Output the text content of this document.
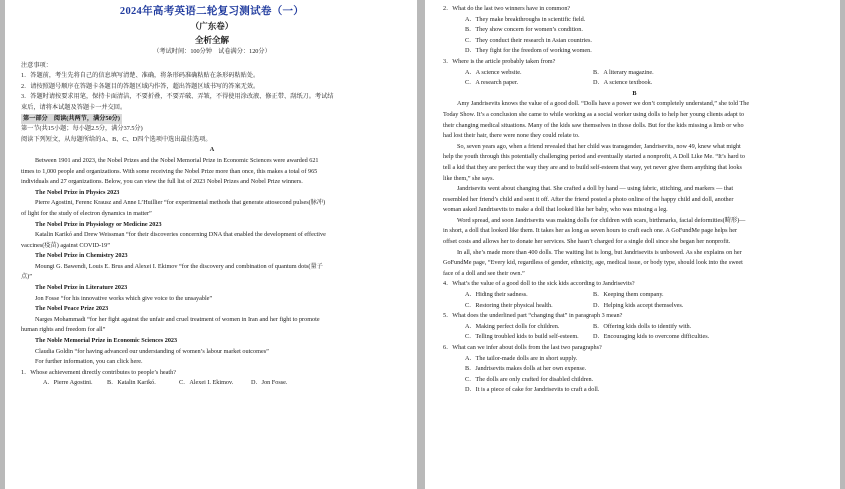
2024年高考英语二轮复习测试卷（一）
（广东卷）
全析全解
（考试时间：100分钟　试卷满分：120分）
注意事项：
1．答题前，考生先将自己的信息填写清楚、准确，将条形码准确粘贴在条形码粘贴处。
2．请按照题号顺序在答题卡各题目的答题区域内作答，超出答题区域书写的答案无效。
3．答题时请按要求用笔，保持卡面清洁，不要折叠，不要弄破、弄皱，不得使用涂改液、修正带、刮纸刀。考试结
束后，请将本试题及答题卡一并交回。
第一部分　阅读(共两节，满分50分)
第一节(共15小题；每小题2.5分，满分37.5分)
阅读下列短文，从每题所给的A、B、C、D四个选项中选出最佳选项。
A
Between 1901 and 2023, the Nobel Prizes and the Nobel Memorial Prize in Economic Sciences were awarded 621
times to 1,000 people and organizations. With some receiving the Nobel Prize more than once, this makes a total of 965
individuals and 27 organizations. Below, you can view the full list of 2023 Nobel Prizes and Nobel Prize winners.
The Nobel Prize in Physics 2023
Pierre Agostini, Ferenc Krausz and Anne L’Huillier “for experimental methods that generate attosecond pulses(脉冲)
of light for the study of electron dynamics in matter”
The Nobel Prize in Physiology or Medicine 2023
Katalin Karikó and Drew Weissman “for their discoveries concerning DNA that enabled the development of effective
vaccines(疫苗) against COVID-19”
The Nobel Prize in Chemistry 2023
Moungi G. Bawendi, Louis E. Brus and Alexei I. Ekimov “for the discovery and combination of quantum dots(量子
点)”
The Nobel Prize in Literature 2023
Jon Fosse “for his innovative works which give voice to the unsayable”
The Nobel Peace Prize 2023
Narges Mohammadi “for her fight against the unfair and cruel treatment of women in Iran and her fight to promote
human rights and freedom for all”
The Noble Memorial Prize in Economic Sciences 2023
Claudia Goldin “for having advanced our understanding of women’s labour market outcomes”
For further information, you can click here.
1．Whose achievement directly contributes to people’s heath?
A．Pierre Agostini.	B．Katalin Karikó.	C．Alexei I. Ekimov.	D．Jon Fosse.
2．What do the last two winners have in common?
A．They make breakthroughs in scientific field.
B．They show concern for women’s condition.
C．They conduct their research in Asian countries.
D．They fight for the freedom of working women.
3．Where is the article probably taken from?
A．A science website.	B．A literary magazine.
C．A research paper.	D．A science textbook.
B
Amy Jandrisevits knows the value of a good doll. “Dolls have a power we don’t completely understand,” she told The
Today Show. It’s a conclusion she came to while working as a social worker using dolls to help her young clients adapt to
their changing medical situations. Many of the kids saw themselves in those dolls. But for the kids missing a limb or who
had lost their hair, there were none they could relate to.
So, seven years ago, when a friend revealed that her child was transgender, Jandrisevits, now 49, knew what might
help the youth through this potentially challenging period and eventually started a nonprofit, A Doll Like Me. “It’s hard to
tell a kid that they are perfect the way they are and to build self-esteem that way, yet never give them anything that looks
like them,” she says.
Jandrisevits went about changing that. She crafted a doll by hand — using fabric, stitching, and markers — that
resembled her friend’s child and sent it off. After the friend posted a photo online of the happy child and doll, another
woman asked Jandrisevits to make a doll that looked like her baby, who was missing a leg.
Word spread, and soon Jandrisevits was making dolls for children with scars, birthmarks, facial deformities(畸形)—
in short, a doll that looked like them. It takes her as long as seven hours to craft each one. A GoFundMe page helps her
offset costs and allows her to donate her services. She hasn’t charged for a single doll since she began her nonprofit.
In all, she’s made more than 400 dolls. The waiting list is long, but Jandrisevits is unbowed. As she explains on her
GoFundMe page, “Every kid, regardless of gender, ethnicity, age, medical issue, or body type, should look into the sweet
face of a doll and see their own.”
4．What’s the value of a good doll to the sick kids according to Jandrisevits?
A．Hiding their sadness.	B．Keeping them company.
C．Restoring their physical health.	D．Helping kids accept themselves.
5．What does the underlined part “changing that” in paragraph 3 mean?
A．Making perfect dolls for children.	B．Offering kids dolls to identify with.
C．Telling troubled kids to build self-esteem.	D．Encouraging kids to overcome difficulties.
6．What can we infer about dolls from the last two paragraphs?
A．The tailor-made dolls are in short supply.
B．Jandrisevits makes dolls at her own expense.
C．The dolls are only crafted for disabled children.
D．It is a piece of cake for Jandrisevits to craft a doll.
